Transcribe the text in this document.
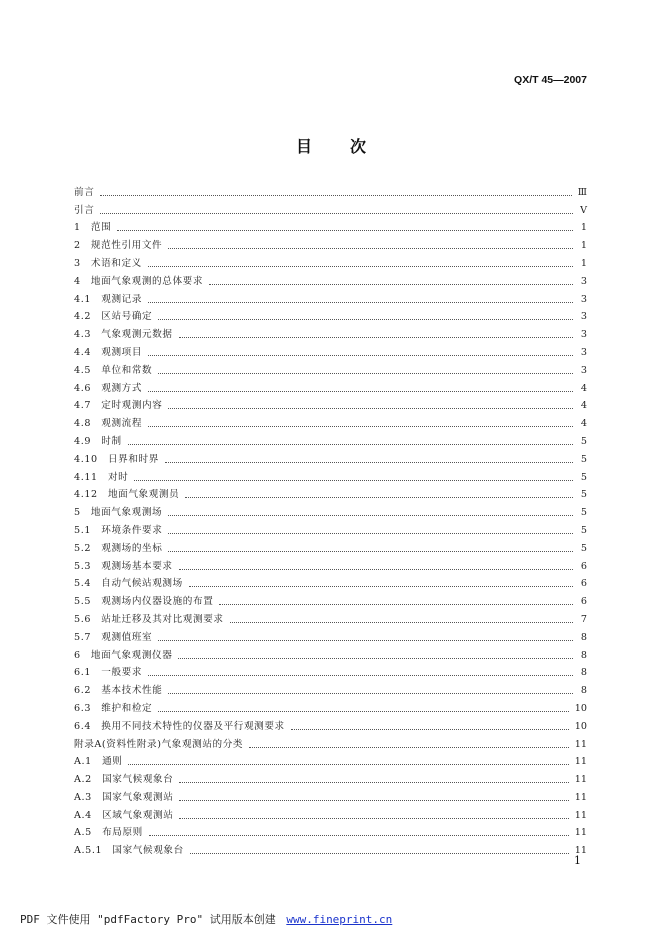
QX/T 45—2007
目次
前言	Ⅲ
引言	Ⅴ
1　范围	1
2　规范性引用文件	1
3　术语和定义	1
4　地面气象观测的总体要求	3
4.1　观测记录	3
4.2　区站号确定	3
4.3　气象观测元数据	3
4.4　观测项目	3
4.5　单位和常数	3
4.6　观测方式	4
4.7　定时观测内容	4
4.8　观测流程	4
4.9　时制	5
4.10　日界和时界	5
4.11　对时	5
4.12　地面气象观测员	5
5　地面气象观测场	5
5.1　环境条件要求	5
5.2　观测场的坐标	5
5.3　观测场基本要求	6
5.4　自动气候站观测场	6
5.5　观测场内仪器设施的布置	6
5.6　站址迁移及其对比观测要求	7
5.7　观测值班室	8
6　地面气象观测仪器	8
6.1　一般要求	8
6.2　基本技术性能	8
6.3　维护和检定	10
6.4　换用不同技术特性的仪器及平行观测要求	10
附录A(资料性附录)气象观测站的分类	11
A.1　通则	11
A.2　国家气候观象台	11
A.3　国家气象观测站	11
A.4　区域气象观测站	11
A.5　布局原则	11
A.5.1　国家气候观象台	11
1
PDF 文件使用 "pdfFactory Pro" 试用版本创建 www.fineprint.cn
